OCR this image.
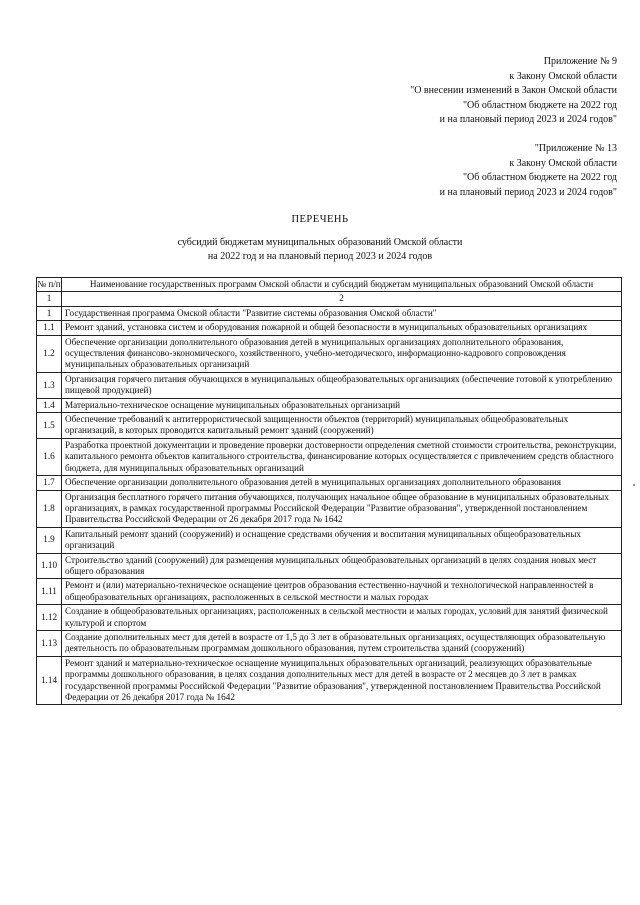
Приложение № 9
к Закону Омской области
"О внесении изменений в Закон Омской области
"Об областном бюджете на 2022 год
и на плановый период 2023 и 2024 годов"
"Приложение № 13
к Закону Омской области
"Об областном бюджете на 2022 год
и на плановый период 2023 и 2024 годов"
ПЕРЕЧЕНЬ
субсидий бюджетам муниципальных образований Омской области
на 2022 год и на плановый период 2023 и 2024 годов
№ п/п	Наименование государственных программ Омской области и субсидий бюджетам муниципальных образований Омской области
1	2
1	Государственная программа Омской области "Развитие системы образования Омской области"
1.1	Ремонт зданий, установка систем и оборудования пожарной и общей безопасности в муниципальных образовательных организациях
1.2	Обеспечение организации дополнительного образования детей в муниципальных организациях дополнительного образования, осуществления финансово-экономического, хозяйственного, учебно-методического, информационно-кадрового сопровождения муниципальных образовательных организаций
1.3	Организация горячего питания обучающихся в муниципальных общеобразовательных организациях (обеспечение готовой к употреблению пищевой продукцией)
1.4	Материально-техническое оснащение муниципальных образовательных организаций
1.5	Обеспечение требований к антитеррористической защищенности объектов (территорий) муниципальных общеобразовательных организаций, в которых проводится капитальный ремонт зданий (сооружений)
1.6	Разработка проектной документации и проведение проверки достоверности определения сметной стоимости строительства, реконструкции, капитального ремонта объектов капитального строительства, финансирование которых осуществляется с привлечением средств областного бюджета, для муниципальных образовательных организаций
1.7	Обеспечение организации дополнительного образования детей в муниципальных организациях дополнительного образования
1.8	Организация бесплатного горячего питания обучающихся, получающих начальное общее образование в муниципальных образовательных организациях, в рамках государственной программы Российской Федерации "Развитие образования", утвержденной постановлением Правительства Российской Федерации от 26 декабря 2017 года № 1642
1.9	Капитальный ремонт зданий (сооружений) и оснащение средствами обучения и воспитания муниципальных общеобразовательных организаций
1.10	Строительство зданий (сооружений) для размещения муниципальных общеобразовательных организаций в целях создания новых мест общего образования
1.11	Ремонт и (или) материально-техническое оснащение центров образования естественно-научной и технологической направленностей в общеобразовательных организациях, расположенных в сельской местности и малых городах
1.12	Создание в общеобразовательных организациях, расположенных в сельской местности и малых городах, условий для занятий физической культурой и спортом
1.13	Создание дополнительных мест для детей в возрасте от 1,5 до 3 лет в образовательных организациях, осуществляющих образовательную деятельность по образовательным программам дошкольного образования, путем строительства зданий (сооружений)
1.14	Ремонт зданий и материально-техническое оснащение муниципальных образовательных организаций, реализующих образовательные программы дошкольного образования, в целях создания дополнительных мест для детей в возрасте от 2 месяцев до 3 лет в рамках государственной программы Российской Федерации "Развитие образования", утвержденной постановлением Правительства Российской Федерации от 26 декабря 2017 года № 1642
